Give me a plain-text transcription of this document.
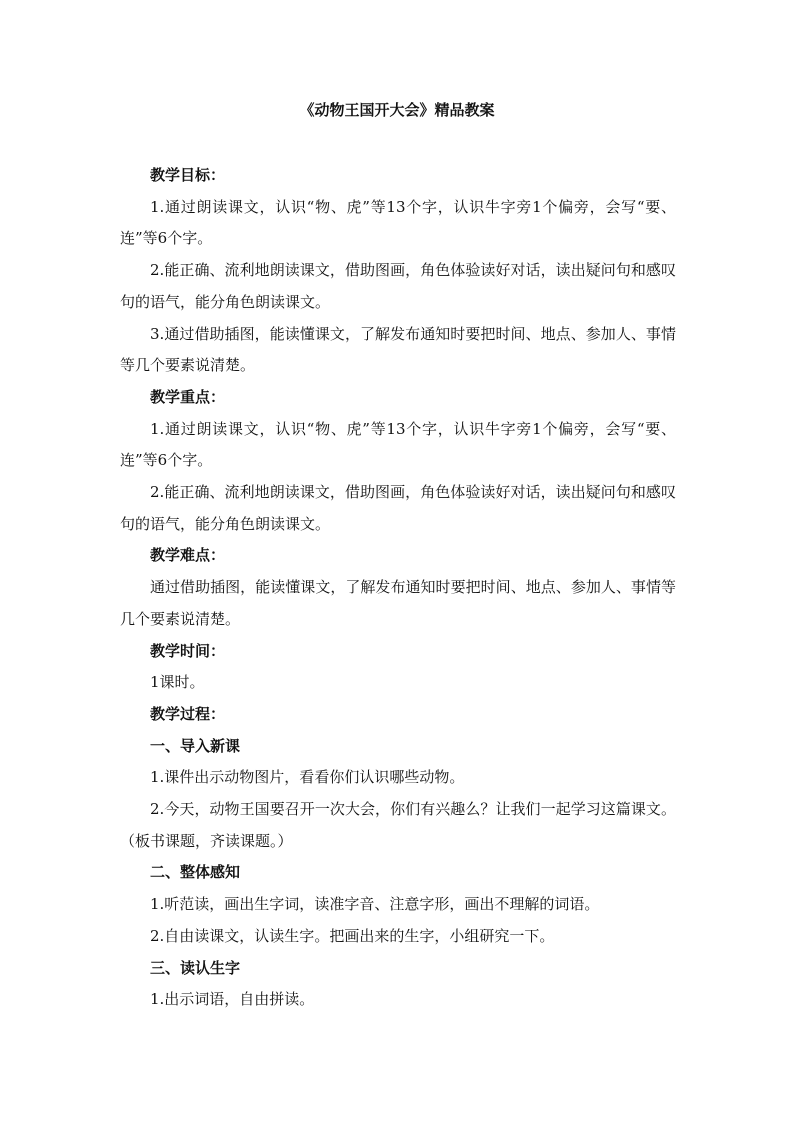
《动物王国开大会》精品教案

教学目标：

1.通过朗读课文，认识“物、虎”等13个字，认识牛字旁1个偏旁，会写“要、连”等6个字。

2.能正确、流利地朗读课文，借助图画，角色体验读好对话，读出疑问句和感叹句的语气，能分角色朗读课文。

3.通过借助插图，能读懂课文，了解发布通知时要把时间、地点、参加人、事情等几个要素说清楚。

教学重点：

1.通过朗读课文，认识“物、虎”等13个字，认识牛字旁1个偏旁，会写“要、连”等6个字。

2.能正确、流利地朗读课文，借助图画，角色体验读好对话，读出疑问句和感叹句的语气，能分角色朗读课文。

教学难点：

通过借助插图，能读懂课文，了解发布通知时要把时间、地点、参加人、事情等几个要素说清楚。

教学时间：

1课时。

教学过程：

一、导入新课

1.课件出示动物图片，看看你们认识哪些动物。

2.今天，动物王国要召开一次大会，你们有兴趣么？让我们一起学习这篇课文。（板书课题，齐读课题。）

二、整体感知

1.听范读，画出生字词，读准字音、注意字形，画出不理解的词语。

2.自由读课文，认读生字。把画出来的生字，小组研究一下。

三、读认生字

1.出示词语，自由拼读。
